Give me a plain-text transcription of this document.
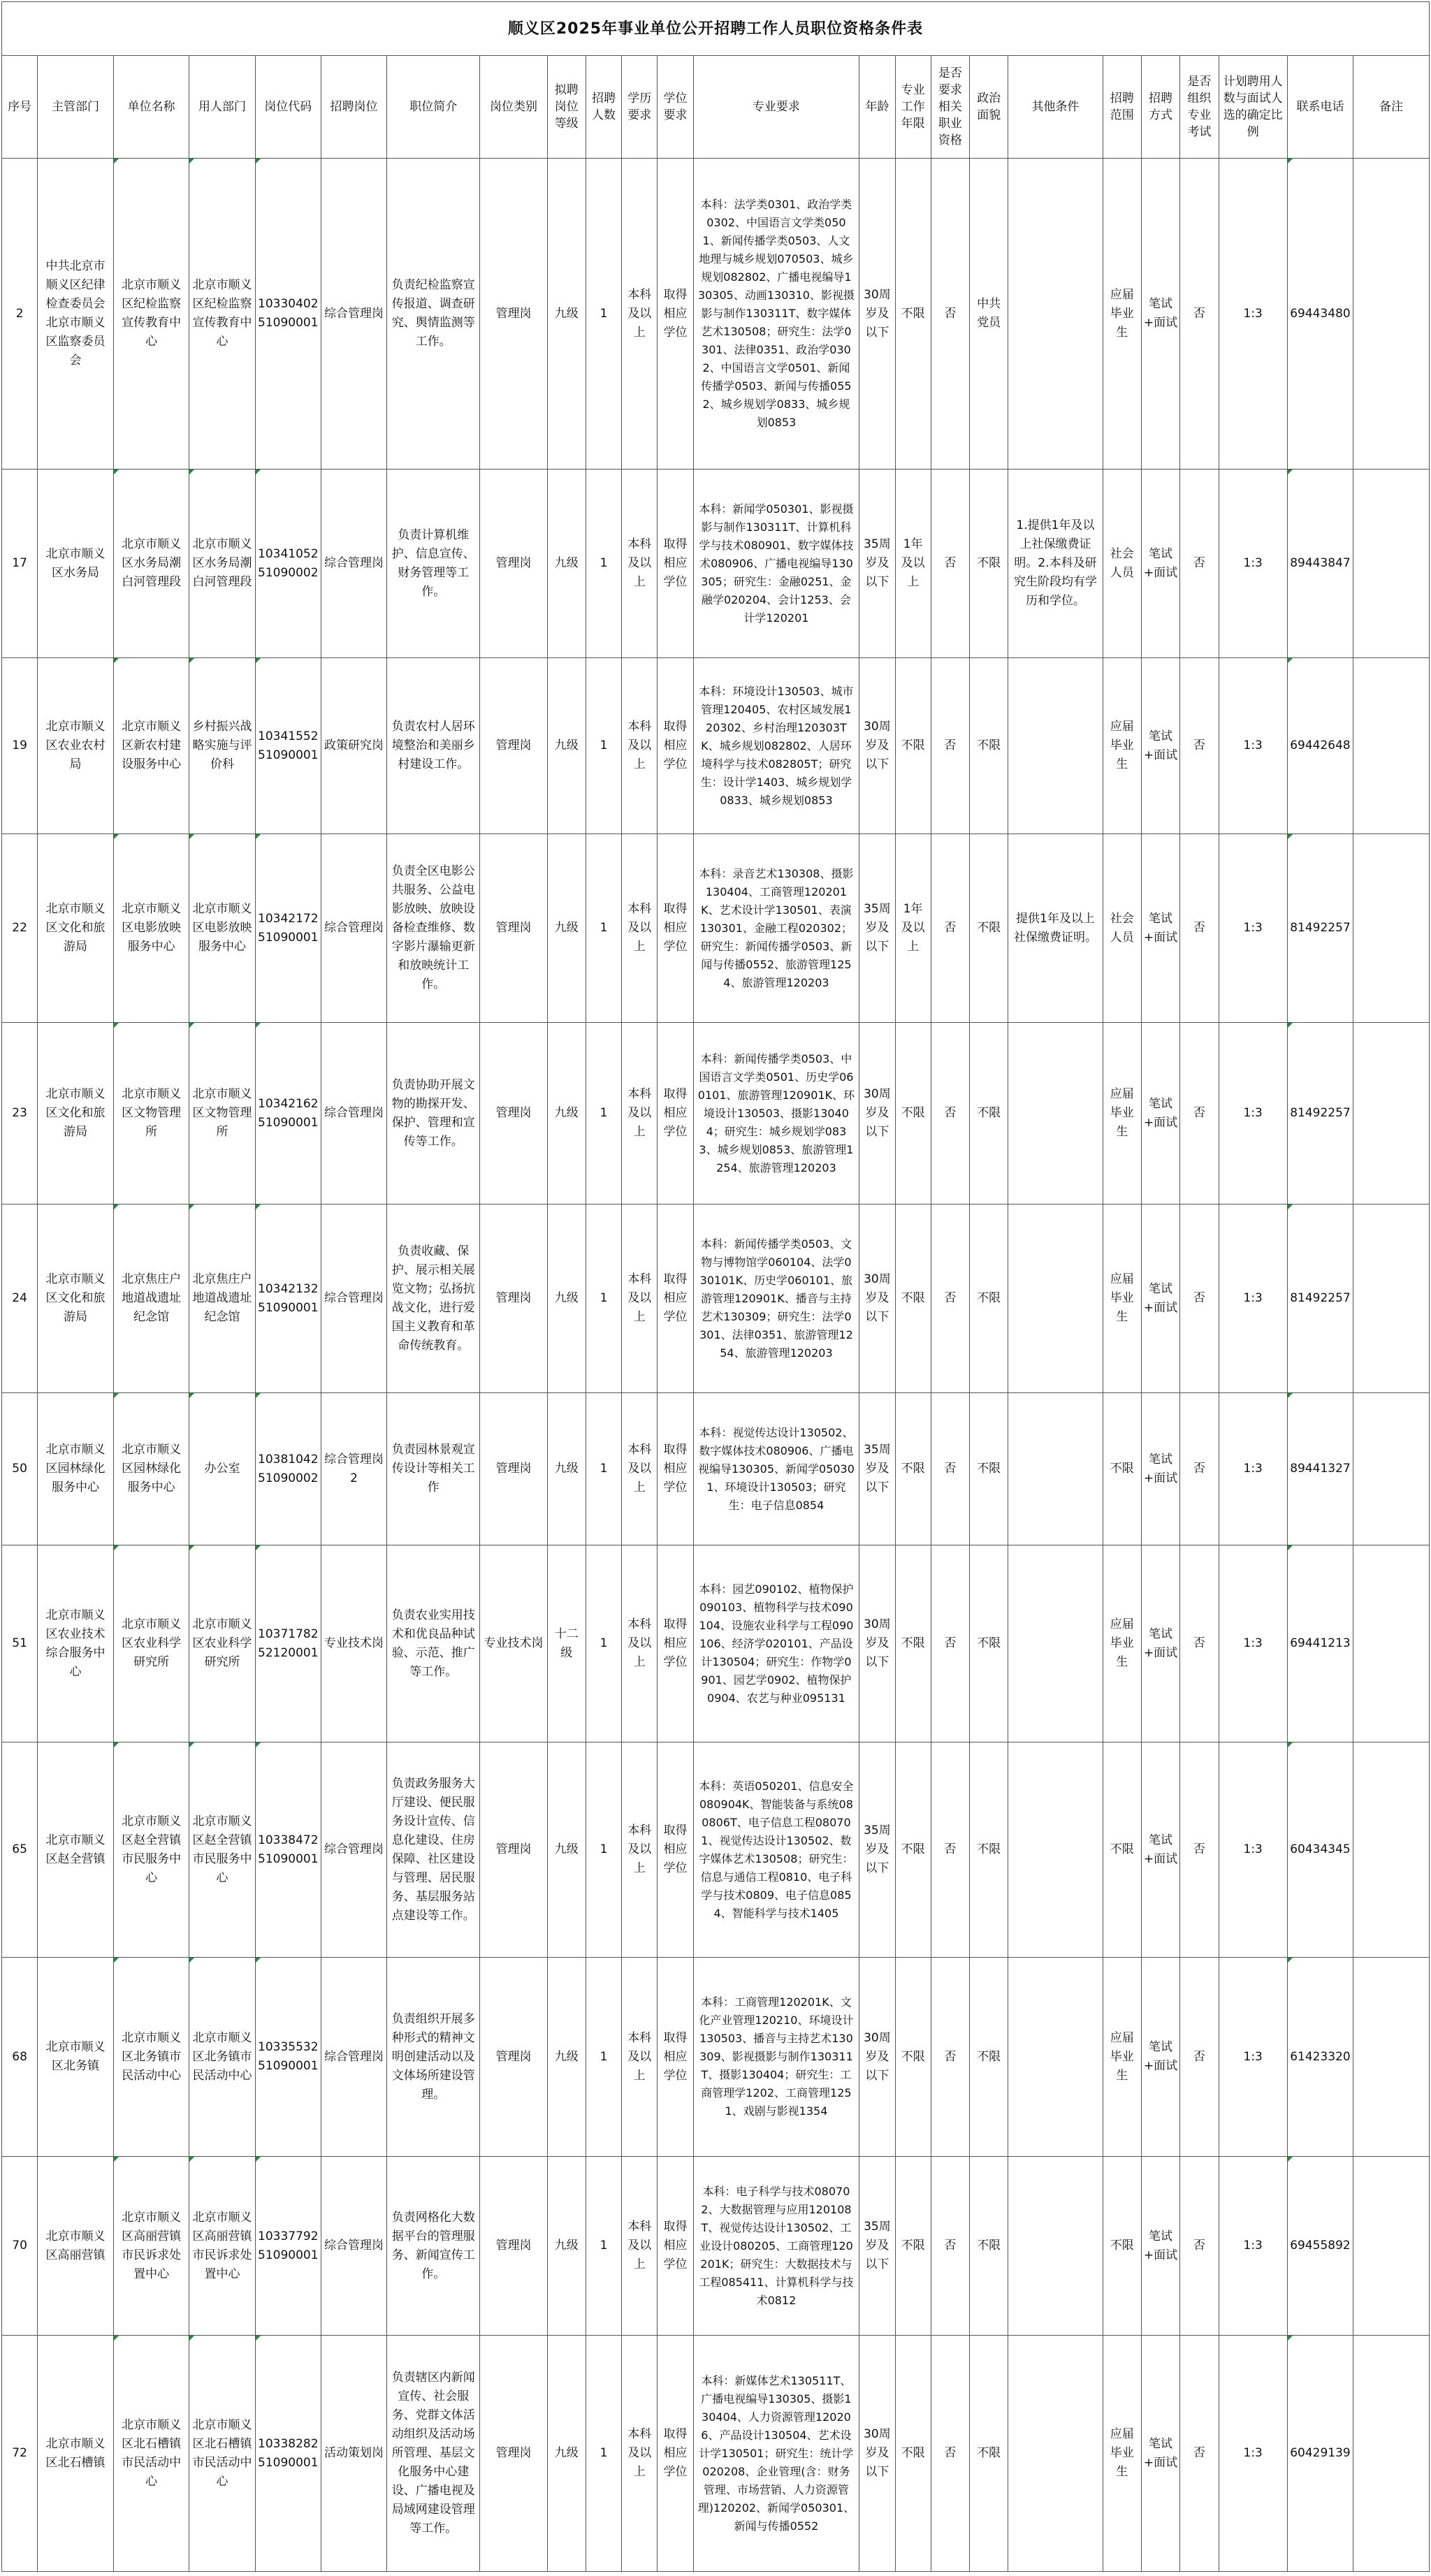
顺义区2025年事业单位公开招聘工作人员职位资格条件表																							
序号	主管部门	单位名称	用人部门	岗位代码	招聘岗位	职位简介	岗位类别	拟聘岗位等级	招聘人数	学历要求	学位要求	专业要求	年龄	专业工作年限	是否要求相关职业资格	政治面貌	其他条件	招聘范围	招聘方式	是否组织专业考试	计划聘用人数与面试人选的确定比例	联系电话	备注
2	中共北京市顺义区纪律检查委员会 北京市顺义区监察委员会	北京市顺义区纪检监察宣传教育中心	北京市顺义区纪检监察宣传教育中心	1033040251090001	综合管理岗	负责纪检监察宣传报道、调查研究、舆情监测等工作。	管理岗	九级	1	本科及以上	取得相应学位	本科：法学类0301、政治学类0302、中国语言文学类0501、新闻传播学类0503、人文地理与城乡规划070503、城乡规划082802、广播电视编导130305、动画130310、影视摄影与制作130311T、数字媒体艺术130508；研究生：法学0301、法律0351、政治学0302、中国语言文学0501、新闻传播学0503、新闻与传播0552、城乡规划学0833、城乡规划0853	30周岁及以下	不限	否	中共党员		应届毕业生	笔试+面试	否	1:3	69443480	
17	北京市顺义区水务局	北京市顺义区水务局潮白河管理段	北京市顺义区水务局潮白河管理段	1034105251090002	综合管理岗	负责计算机维护、信息宣传、财务管理等工作。	管理岗	九级	1	本科及以上	取得相应学位	本科：新闻学050301、影视摄影与制作130311T、计算机科学与技术080901、数字媒体技术080906、广播电视编导130305；研究生：金融0251、金融学020204、会计1253、会计学120201	35周岁及以下	1年及以上	否	不限	1.提供1年及以上社保缴费证明。2.本科及研究生阶段均有学历和学位。	社会人员	笔试+面试	否	1:3	89443847	
19	北京市顺义区农业农村局	北京市顺义区新农村建设服务中心	乡村振兴战略实施与评价科	1034155251090001	政策研究岗	负责农村人居环境整治和美丽乡村建设工作。	管理岗	九级	1	本科及以上	取得相应学位	本科：环境设计130503、城市管理120405、农村区域发展120302、乡村治理120303TK、城乡规划082802、人居环境科学与技术082805T；研究生：设计学1403、城乡规划学0833、城乡规划0853	30周岁及以下	不限	否	不限		应届毕业生	笔试+面试	否	1:3	69442648	
22	北京市顺义区文化和旅游局	北京市顺义区电影放映服务中心	北京市顺义区电影放映服务中心	1034217251090001	综合管理岗	负责全区电影公共服务、公益电影放映、放映设备检查维修、数字影片瀑输更新和放映统计工作。	管理岗	九级	1	本科及以上	取得相应学位	本科：录音艺术130308、摄影130404、工商管理120201K、艺术设计学130501、表演130301、金融工程020302；研究生：新闻传播学0503、新闻与传播0552、旅游管理1254、旅游管理120203	35周岁及以下	1年及以上	否	不限	提供1年及以上社保缴费证明。	社会人员	笔试+面试	否	1:3	81492257	
23	北京市顺义区文化和旅游局	北京市顺义区文物管理所	北京市顺义区文物管理所	1034216251090001	综合管理岗	负责协助开展文物的勘探开发、保护、管理和宣传等工作。	管理岗	九级	1	本科及以上	取得相应学位	本科：新闻传播学类0503、中国语言文学类0501、历史学060101、旅游管理120901K、环境设计130503、摄影130404；研究生：城乡规划学0833、城乡规划0853、旅游管理1254、旅游管理120203	30周岁及以下	不限	否	不限		应届毕业生	笔试+面试	否	1:3	81492257	
24	北京市顺义区文化和旅游局	北京焦庄户地道战遗址纪念馆	北京焦庄户地道战遗址纪念馆	1034213251090001	综合管理岗	负责收藏、保护、展示相关展览文物；弘扬抗战文化，进行爱国主义教育和革命传统教育。	管理岗	九级	1	本科及以上	取得相应学位	本科：新闻传播学类0503、文物与博物馆学060104、法学030101K、历史学060101、旅游管理120901K、播音与主持艺术130309；研究生：法学0301、法律0351、旅游管理1254、旅游管理120203	30周岁及以下	不限	否	不限		应届毕业生	笔试+面试	否	1:3	81492257	
50	北京市顺义区园林绿化服务中心	北京市顺义区园林绿化服务中心	办公室	1038104251090002	综合管理岗2	负责园林景观宣传设计等相关工作	管理岗	九级	1	本科及以上	取得相应学位	本科：视觉传达设计130502、数字媒体技术080906、广播电视编导130305、新闻学050301、环境设计130503；研究生：电子信息0854	35周岁及以下	不限	否	不限		不限	笔试+面试	否	1:3	89441327	
51	北京市顺义区农业技术综合服务中心	北京市顺义区农业科学研究所	北京市顺义区农业科学研究所	1037178252120001	专业技术岗	负责农业实用技术和优良品种试验、示范、推广等工作。	专业技术岗	十二级	1	本科及以上	取得相应学位	本科：园艺090102、植物保护090103、植物科学与技术090104、设施农业科学与工程090106、经济学020101、产品设计130504；研究生：作物学0901、园艺学0902、植物保护0904、农艺与种业095131	30周岁及以下	不限	否	不限		应届毕业生	笔试+面试	否	1:3	69441213	
65	北京市顺义区赵全营镇	北京市顺义区赵全营镇市民服务中心	北京市顺义区赵全营镇市民服务中心	1033847251090001	综合管理岗	负责政务服务大厅建设、便民服务设计宣传、信息化建设、住房保障、社区建设与管理、居民服务、基层服务站点建设等工作。	管理岗	九级	1	本科及以上	取得相应学位	本科：英语050201、信息安全080904K、智能装备与系统080806T、电子信息工程080701、视觉传达设计130502、数字媒体艺术130508；研究生：信息与通信工程0810、电子科学与技术0809、电子信息0854、智能科学与技术1405	35周岁及以下	不限	否	不限		不限	笔试+面试	否	1:3	60434345	
68	北京市顺义区北务镇	北京市顺义区北务镇市民活动中心	北京市顺义区北务镇市民活动中心	1033553251090001	综合管理岗	负责组织开展多种形式的精神文明创建活动以及文体场所建设管理。	管理岗	九级	1	本科及以上	取得相应学位	本科：工商管理120201K、文化产业管理120210、环境设计130503、播音与主持艺术130309、影视摄影与制作130311T、摄影130404；研究生：工商管理学1202、工商管理1251、戏剧与影视1354	30周岁及以下	不限	否	不限		应届毕业生	笔试+面试	否	1:3	61423320	
70	北京市顺义区高丽营镇	北京市顺义区高丽营镇市民诉求处置中心	北京市顺义区高丽营镇市民诉求处置中心	1033779251090001	综合管理岗	负责网格化大数据平台的管理服务、新闻宣传工作。	管理岗	九级	1	本科及以上	取得相应学位	本科：电子科学与技术080702、大数据管理与应用120108T、视觉传达设计130502、工业设计080205、工商管理120201K；研究生：大数据技术与工程085411、计算机科学与技术0812	35周岁及以下	不限	否	不限		不限	笔试+面试	否	1:3	69455892	
72	北京市顺义区北石槽镇	北京市顺义区北石槽镇市民活动中心	北京市顺义区北石槽镇市民活动中心	1033828251090001	活动策划岗	负责辖区内新闻宣传、社会服务、党群文体活动组织及活动场所管理、基层文化服务中心建设、广播电视及局域网建设管理等工作。	管理岗	九级	1	本科及以上	取得相应学位	本科：新媒体艺术130511T、广播电视编导130305、摄影130404、人力资源管理120206、产品设计130504、艺术设计学130501；研究生：统计学020208、企业管理(含：财务管理、市场营销、人力资源管理)120202、新闻学050301、新闻与传播0552	30周岁及以下	不限	否	不限		应届毕业生	笔试+面试	否	1:3	60429139	
